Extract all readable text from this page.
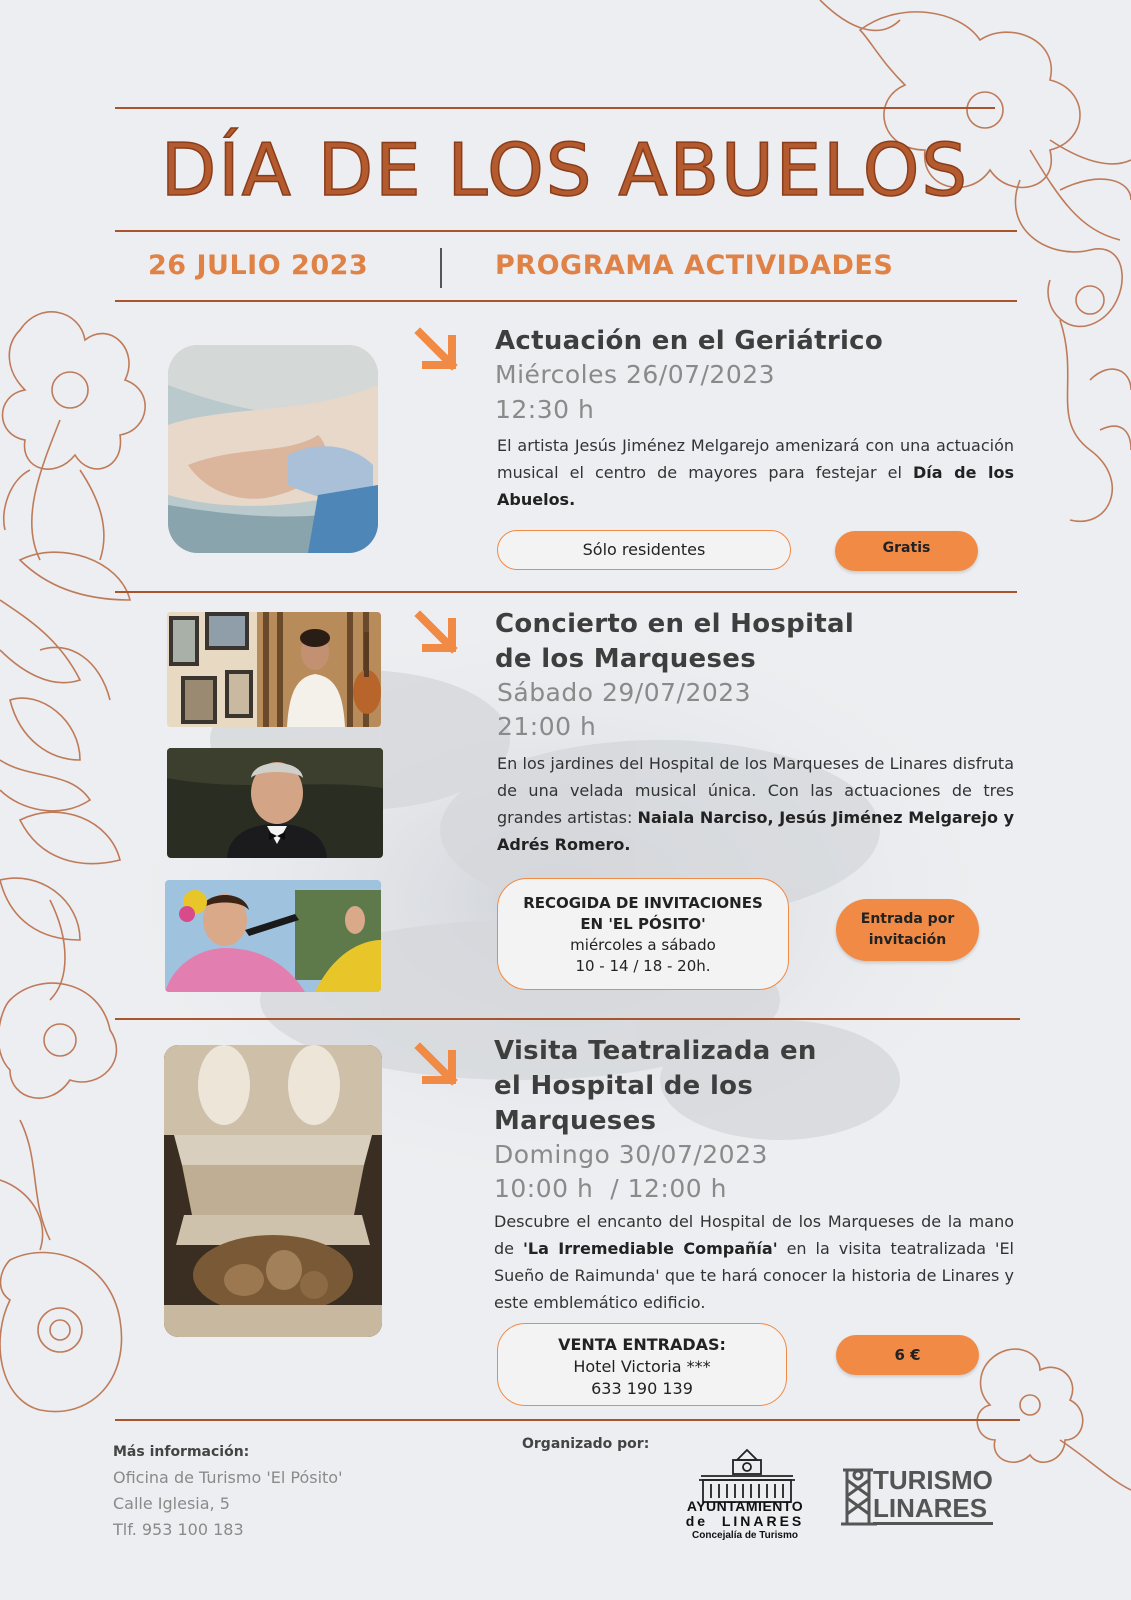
DÍA DE LOS ABUELOS
26 JULIO 2023	PROGRAMA ACTIVIDADES
Actuación en el Geriátrico
Miércoles 26/07/2023
12:30 h
El artista Jesús Jiménez Melgarejo amenizará con una actuación musical el centro de mayores para festejar el Día de los Abuelos.
Sólo residentes	Gratis
Concierto en el Hospital
de los Marqueses
Sábado 29/07/2023
21:00 h
En los jardines del Hospital de los Marqueses de Linares disfruta de una velada musical única. Con las actuaciones de tres grandes artistas: Naiala Narciso, Jesús Jiménez Melgarejo y Adrés Romero.
RECOGIDA DE INVITACIONES
EN 'EL PÓSITO'
miércoles a sábado
10 - 14 / 18 - 20h.
Entrada por
invitación
Visita Teatralizada en
el Hospital de los
Marqueses
Domingo 30/07/2023
10:00 h  / 12:00 h
Descubre el encanto del Hospital de los Marqueses de la mano de 'La Irremediable Compañía' en la visita teatralizada 'El Sueño de Raimunda' que te hará conocer la historia de Linares y este emblemático edificio.
VENTA ENTRADAS:
Hotel Victoria ***
633 190 139
6 €
Más información:
Oficina de Turismo 'El Pósito'
Calle Iglesia, 5
Tlf. 953 100 183
Organizado por:
AYUNTAMIENTO
de  LINARES
Concejalía de Turismo
TURISMO
LINARES
